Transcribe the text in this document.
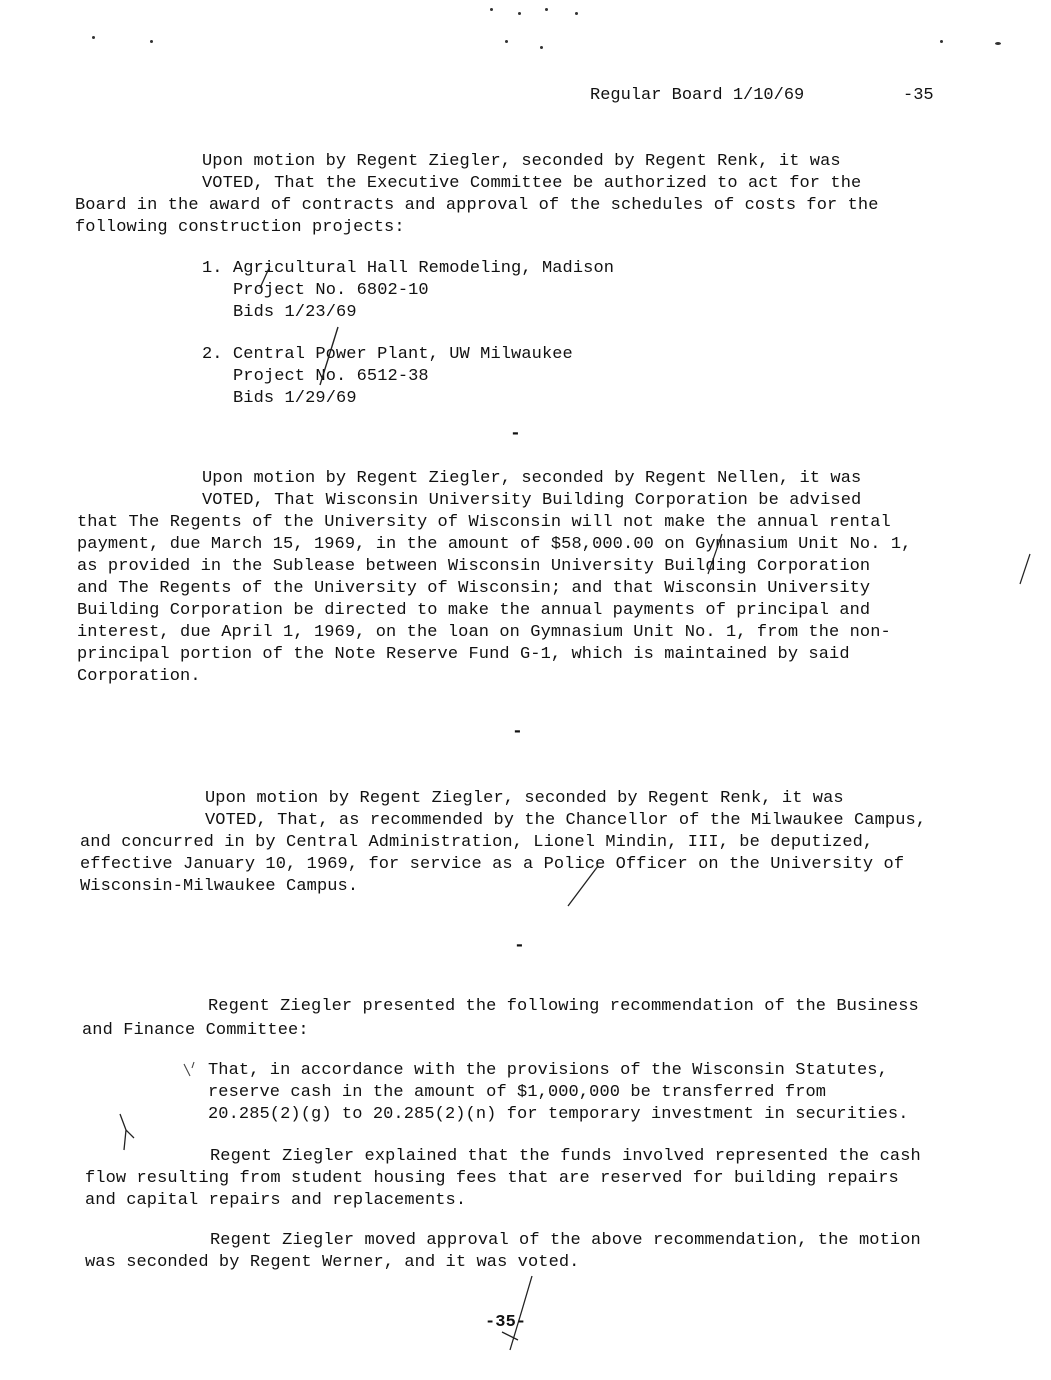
Regular Board 1/10/69	-35
Upon motion by Regent Ziegler, seconded by Regent Renk, it was
VOTED, That the Executive Committee be authorized to act for the
Board in the award of contracts and approval of the schedules of costs for the
following construction projects:
1. Agricultural Hall Remodeling, Madison
Project No. 6802-10
Bids 1/23/69
2. Central Power Plant, UW Milwaukee
Project No. 6512-38
Bids 1/29/69
-
Upon motion by Regent Ziegler, seconded by Regent Nellen, it was
VOTED, That Wisconsin University Building Corporation be advised
that The Regents of the University of Wisconsin will not make the annual rental
payment, due March 15, 1969, in the amount of $58,000.00 on Gymnasium Unit No. 1,
as provided in the Sublease between Wisconsin University Building Corporation
and The Regents of the University of Wisconsin; and that Wisconsin University
Building Corporation be directed to make the annual payments of principal and
interest, due April 1, 1969, on the loan on Gymnasium Unit No. 1, from the non-
principal portion of the Note Reserve Fund G-1, which is maintained by said
Corporation.
-
Upon motion by Regent Ziegler, seconded by Regent Renk, it was
VOTED, That, as recommended by the Chancellor of the Milwaukee Campus,
and concurred in by Central Administration, Lionel Mindin, III, be deputized,
effective January 10, 1969, for service as a Police Officer on the University of
Wisconsin-Milwaukee Campus.
-
Regent Ziegler presented the following recommendation of the Business
and Finance Committee:
That, in accordance with the provisions of the Wisconsin Statutes,
reserve cash in the amount of $1,000,000 be transferred from
20.285(2)(g) to 20.285(2)(n) for temporary investment in securities.
Regent Ziegler explained that the funds involved represented the cash
flow resulting from student housing fees that are reserved for building repairs
and capital repairs and replacements.
Regent Ziegler moved approval of the above recommendation, the motion
was seconded by Regent Werner, and it was voted.
-35-
